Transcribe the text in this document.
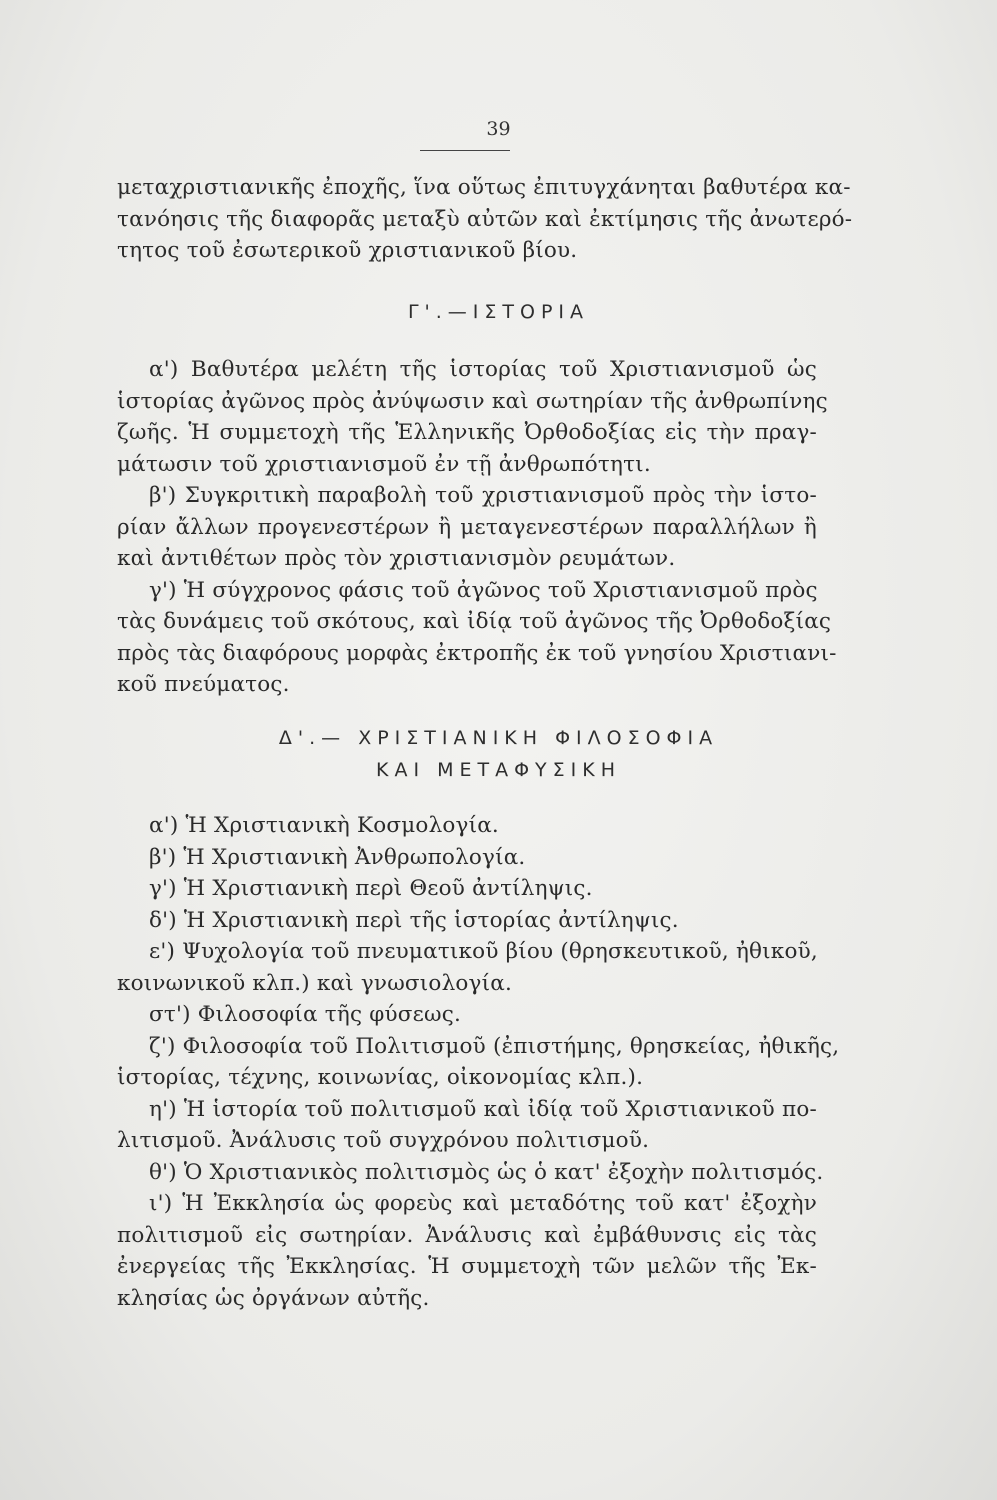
39
μεταχριστιανικῆς ἐποχῆς, ἵνα οὕτως ἐπιτυγχάνηται βαθυτέρα κα-
τανόησις τῆς διαφορᾶς μεταξὺ αὐτῶν καὶ ἐκτίμησις τῆς ἀνωτερό-
τητος τοῦ ἐσωτερικοῦ χριστιανικοῦ βίου.
Γ'.—ΙΣΤΟΡΙΑ
α') Βαθυτέρα μελέτη τῆς ἱστορίας τοῦ Χριστιανισμοῦ ὡς
ἱστορίας ἀγῶνος πρὸς ἀνύψωσιν καὶ σωτηρίαν τῆς ἀνθρωπίνης
ζωῆς. Ἡ συμμετοχὴ τῆς Ἑλληνικῆς Ὀρθοδοξίας εἰς τὴν πραγ-
μάτωσιν τοῦ χριστιανισμοῦ ἐν τῇ ἀνθρωπότητι.
β') Συγκριτικὴ παραβολὴ τοῦ χριστιανισμοῦ πρὸς τὴν ἱστο-
ρίαν ἄλλων προγενεστέρων ἢ μεταγενεστέρων παραλλήλων ἢ
καὶ ἀντιθέτων πρὸς τὸν χριστιανισμὸν ρευμάτων.
γ') Ἡ σύγχρονος φάσις τοῦ ἀγῶνος τοῦ Χριστιανισμοῦ πρὸς
τὰς δυνάμεις τοῦ σκότους, καὶ ἰδίᾳ τοῦ ἀγῶνος τῆς Ὀρθοδοξίας
πρὸς τὰς διαφόρους μορφὰς ἐκτροπῆς ἐκ τοῦ γνησίου Χριστιανι-
κοῦ πνεύματος.
Δ'.— ΧΡΙΣΤΙΑΝΙΚΗ ΦΙΛΟΣΟΦΙΑ
ΚΑΙ ΜΕΤΑΦΥΣΙΚΗ
α') Ἡ Χριστιανικὴ Κοσμολογία.
β') Ἡ Χριστιανικὴ Ἀνθρωπολογία.
γ') Ἡ Χριστιανικὴ περὶ Θεοῦ ἀντίληψις.
δ') Ἡ Χριστιανικὴ περὶ τῆς ἱστορίας ἀντίληψις.
ε') Ψυχολογία τοῦ πνευματικοῦ βίου (θρησκευτικοῦ, ἠθικοῦ,
κοινωνικοῦ κλπ.) καὶ γνωσιολογία.
στ') Φιλοσοφία τῆς φύσεως.
ζ') Φιλοσοφία τοῦ Πολιτισμοῦ (ἐπιστήμης, θρησκείας, ἠθικῆς,
ἱστορίας, τέχνης, κοινωνίας, οἰκονομίας κλπ.).
η') Ἡ ἱστορία τοῦ πολιτισμοῦ καὶ ἰδίᾳ τοῦ Χριστιανικοῦ πο-
λιτισμοῦ. Ἀνάλυσις τοῦ συγχρόνου πολιτισμοῦ.
θ') Ὁ Χριστιανικὸς πολιτισμὸς ὡς ὁ κατ' ἐξοχὴν πολιτισμός.
ι') Ἡ Ἐκκλησία ὡς φορεὺς καὶ μεταδότης τοῦ κατ' ἐξοχὴν
πολιτισμοῦ εἰς σωτηρίαν. Ἀνάλυσις καὶ ἐμβάθυνσις εἰς τὰς
ἐνεργείας τῆς Ἐκκλησίας. Ἡ συμμετοχὴ τῶν μελῶν τῆς Ἐκ-
κλησίας ὡς ὀργάνων αὐτῆς.
